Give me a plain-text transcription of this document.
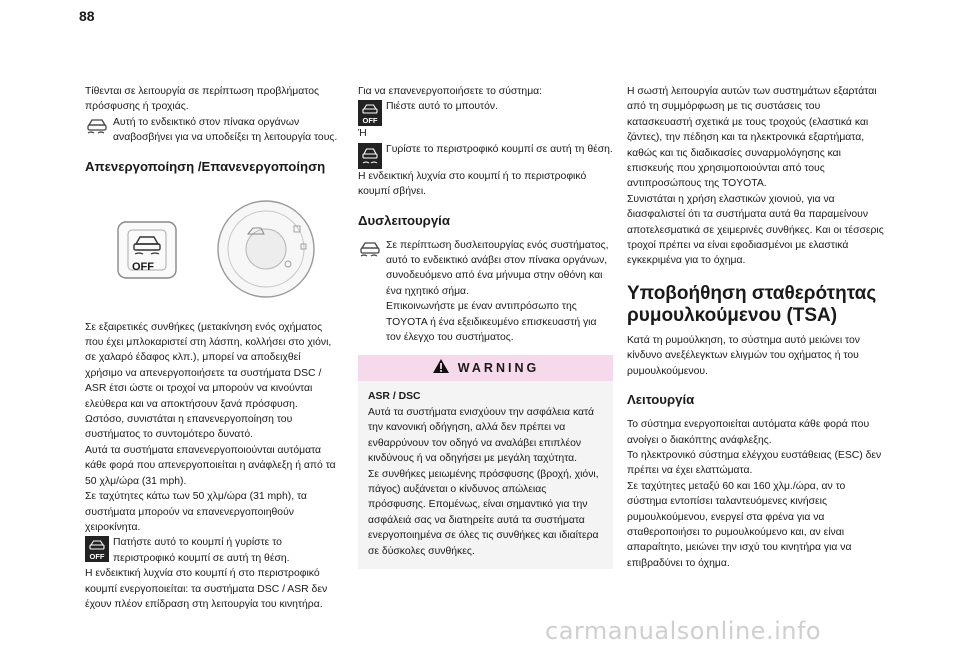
88

Τίθενται σε λειτουργία σε περίπτωση προβλήματος πρόσφυσης ή τροχιάς.

Αυτή το ενδεικτικό στον πίνακα οργάνων αναβοσβήνει για να υποδείξει τη λειτουργία τους.

Απενεργοποίηση /Επανενεργοποίηση
OFF

Σε εξαιρετικές συνθήκες (μετακίνηση ενός οχήματος που έχει μπλοκαριστεί στη λάσπη, κολλήσει στο χιόνι, σε χαλαρό έδαφος κλπ.), μπορεί να αποδειχθεί χρήσιμο να απενεργοποιήσετε τα συστήματα DSC / ASR έτσι ώστε οι τροχοί να μπορούν να κινούνται ελεύθερα και να αποκτήσουν ξανά πρόσφυση.
Ωστόσο, συνιστάται η επανενεργοποίηση του συστήματος το συντομότερο δυνατό.
Αυτά τα συστήματα επανενεργοποιούνται αυτόματα κάθε φορά που απενεργοποιείται η ανάφλεξη ή από τα 50 χλμ/ώρα (31 mph).
Σε ταχύτητες κάτω των 50 χλμ/ώρα (31 mph), τα συστήματα μπορούν να επανενεργοποιηθούν χειροκίνητα.

OFF

Πατήστε αυτό το κουμπί ή γυρίστε το περιστροφικό κουμπί σε αυτή τη θέση.

Η ενδεικτική λυχνία στο κουμπί ή στο περιστροφικό κουμπί ενεργοποιείται: τα συστήματα DSC / ASR δεν έχουν πλέον επίδραση στη λειτουργία του κινητήρα.

Για να επανενεργοποιήσετε το σύστημα:

OFF

Πιέστε αυτό το μπουτόν.

Ή

Γυρίστε το περιστροφικό κουμπί σε αυτή τη θέση.

Η ενδεικτική λυχνία στο κουμπί ή το περιστροφικό κουμπί σβήνει.

Δυσλειτουργία

Σε περίπτωση δυσλειτουργίας ενός συστήματος, αυτό το ενδεικτικό ανάβει στον πίνακα οργάνων, συνοδευόμενο από ένα μήνυμα στην οθόνη και ένα ηχητικό σήμα.
Επικοινωνήστε με έναν αντιπρόσωπο της TOYOTA ή ένα εξειδικευμένο επισκευαστή για τον έλεγχο του συστήματος.

WARNING

ASR / DSC

Αυτά τα συστήματα ενισχύουν την ασφάλεια κατά την κανονική οδήγηση, αλλά δεν πρέπει να ενθαρρύνουν τον οδηγό να αναλάβει επιπλέον κινδύνους ή να οδηγήσει με μεγάλη ταχύτητα.
Σε συνθήκες μειωμένης πρόσφυσης (βροχή, χιόνι, πάγος) αυξάνεται ο κίνδυνος απώλειας πρόσφυσης. Επομένως, είναι σημαντικό για την ασφάλειά σας να διατηρείτε αυτά τα συστήματα ενεργοποιημένα σε όλες τις συνθήκες και ιδιαίτερα σε δύσκολες συνθήκες.

Η σωστή λειτουργία αυτών των συστημάτων εξαρτάται από τη συμμόρφωση με τις συστάσεις του κατασκευαστή σχετικά με τους τροχούς (ελαστικά και ζάντες), την πέδηση και τα ηλεκτρονικά εξαρτήματα, καθώς και τις διαδικασίες συναρμολόγησης και επισκευής που χρησιμοποιούνται από τους αντιπροσώπους της TOYOTA.
Συνιστάται η χρήση ελαστικών χιονιού, για να διασφαλιστεί ότι τα συστήματα αυτά θα παραμείνουν αποτελεσματικά σε χειμερινές συνθήκες. Και οι τέσσερις τροχοί πρέπει να είναι εφοδιασμένοι με ελαστικά εγκεκριμένα για το όχημα.

Υποβοήθηση σταθερότητας ρυμουλκούμενου (TSA)

Κατά τη ρυμούλκηση, το σύστημα αυτό μειώνει τον κίνδυνο ανεξέλεγκτων ελιγμών του οχήματος ή του ρυμουλκούμενου.

Λειτουργία

Το σύστημα ενεργοποιείται αυτόματα κάθε φορά που ανοίγει ο διακόπτης ανάφλεξης.
Το ηλεκτρονικό σύστημα ελέγχου ευστάθειας (ESC) δεν πρέπει να έχει ελαττώματα.
Σε ταχύτητες μεταξύ 60 και 160 χλμ./ώρα, αν το σύστημα εντοπίσει ταλαντευόμενες κινήσεις ρυμουλκούμενου, ενεργεί στα φρένα για να σταθεροποιήσει το ρυμουλκούμενο και, αν είναι απαραίτητο, μειώνει την ισχύ του κινητήρα για να επιβραδύνει το όχημα.

carmanualsonline.info
